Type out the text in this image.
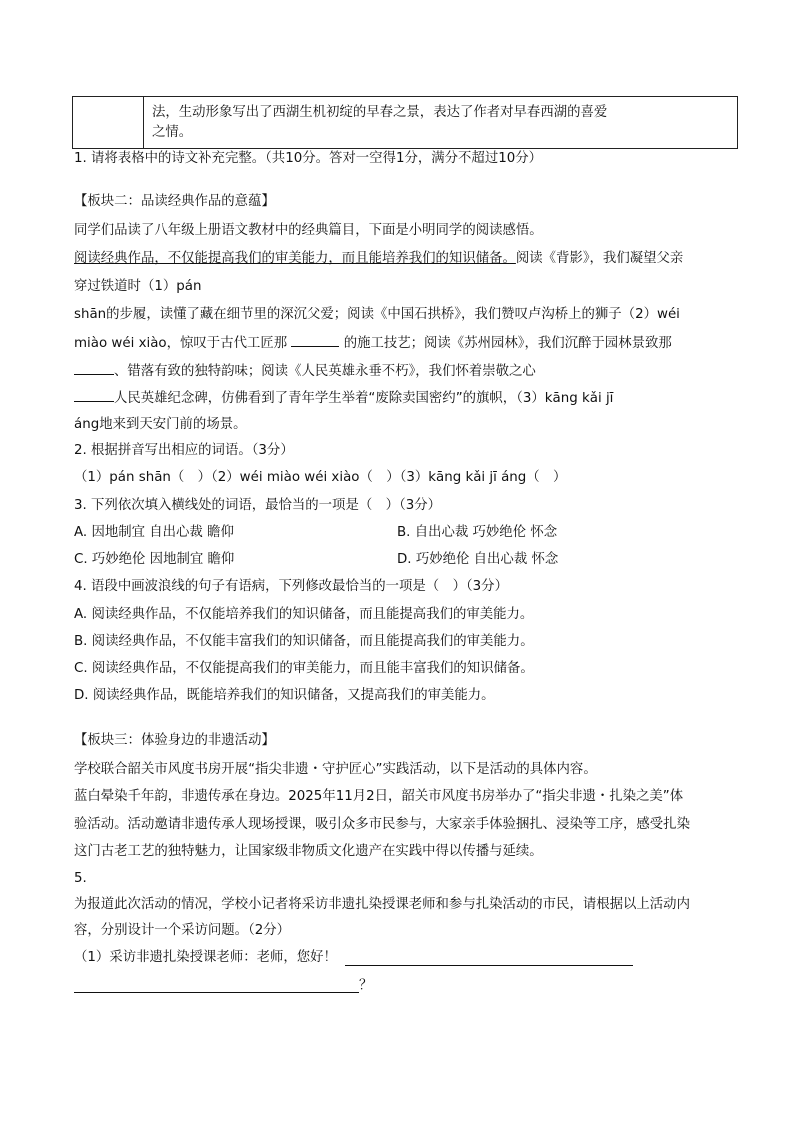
法，生动形象写出了西湖生机初绽的早春之景，表达了作者对早春西湖的喜爱
之情。
1. 请将表格中的诗文补充完整。（共10分。答对一空得1分，满分不超过10分）
【板块二：品读经典作品的意蕴】
同学们品读了八年级上册语文教材中的经典篇目，下面是小明同学的阅读感悟。
阅读经典作品，不仅能提高我们的审美能力，而且能培养我们的知识储备。阅读《背影》，我们凝望父亲
穿过铁道时（1）pán
shān的步履，读懂了藏在细节里的深沉父爱；阅读《中国石拱桥》，我们赞叹卢沟桥上的狮子（2）wéi
miào wéi xiào，惊叹于古代工匠那	的施工技艺；阅读《苏州园林》，我们沉醉于园林景致那
、错落有致的独特韵味；阅读《人民英雄永垂不朽》，我们怀着崇敬之心
人民英雄纪念碑，仿佛看到了青年学生举着“废除卖国密约”的旗帜，（3）kāng kǎi jī
áng地来到天安门前的场景。
2. 根据拼音写出相应的词语。（3分）
（1）pán shān（　）（2）wéi miào wéi xiào（　）（3）kāng kǎi jī áng（　）
3. 下列依次填入横线处的词语，最恰当的一项是（　）（3分）
A. 因地制宜 自出心裁 瞻仰	B. 自出心裁 巧妙绝伦 怀念
C. 巧妙绝伦 因地制宜 瞻仰	D. 巧妙绝伦 自出心裁 怀念
4. 语段中画波浪线的句子有语病，下列修改最恰当的一项是（　）（3分）
A. 阅读经典作品，不仅能培养我们的知识储备，而且能提高我们的审美能力。
B. 阅读经典作品，不仅能丰富我们的知识储备，而且能提高我们的审美能力。
C. 阅读经典作品，不仅能提高我们的审美能力，而且能丰富我们的知识储备。
D. 阅读经典作品，既能培养我们的知识储备，又提高我们的审美能力。
【板块三：体验身边的非遗活动】
学校联合韶关市风度书房开展“指尖非遗・守护匠心”实践活动，以下是活动的具体内容。
蓝白晕染千年韵，非遗传承在身边。2025年11月2日，韶关市风度书房举办了“指尖非遗・扎染之美”体
验活动。活动邀请非遗传承人现场授课，吸引众多市民参与，大家亲手体验捆扎、浸染等工序，感受扎染
这门古老工艺的独特魅力，让国家级非物质文化遗产在实践中得以传播与延续。
5.
为报道此次活动的情况，学校小记者将采访非遗扎染授课老师和参与扎染活动的市民，请根据以上活动内
容，分别设计一个采访问题。（2分）
（1）采访非遗扎染授课老师：老师，您好！
？
